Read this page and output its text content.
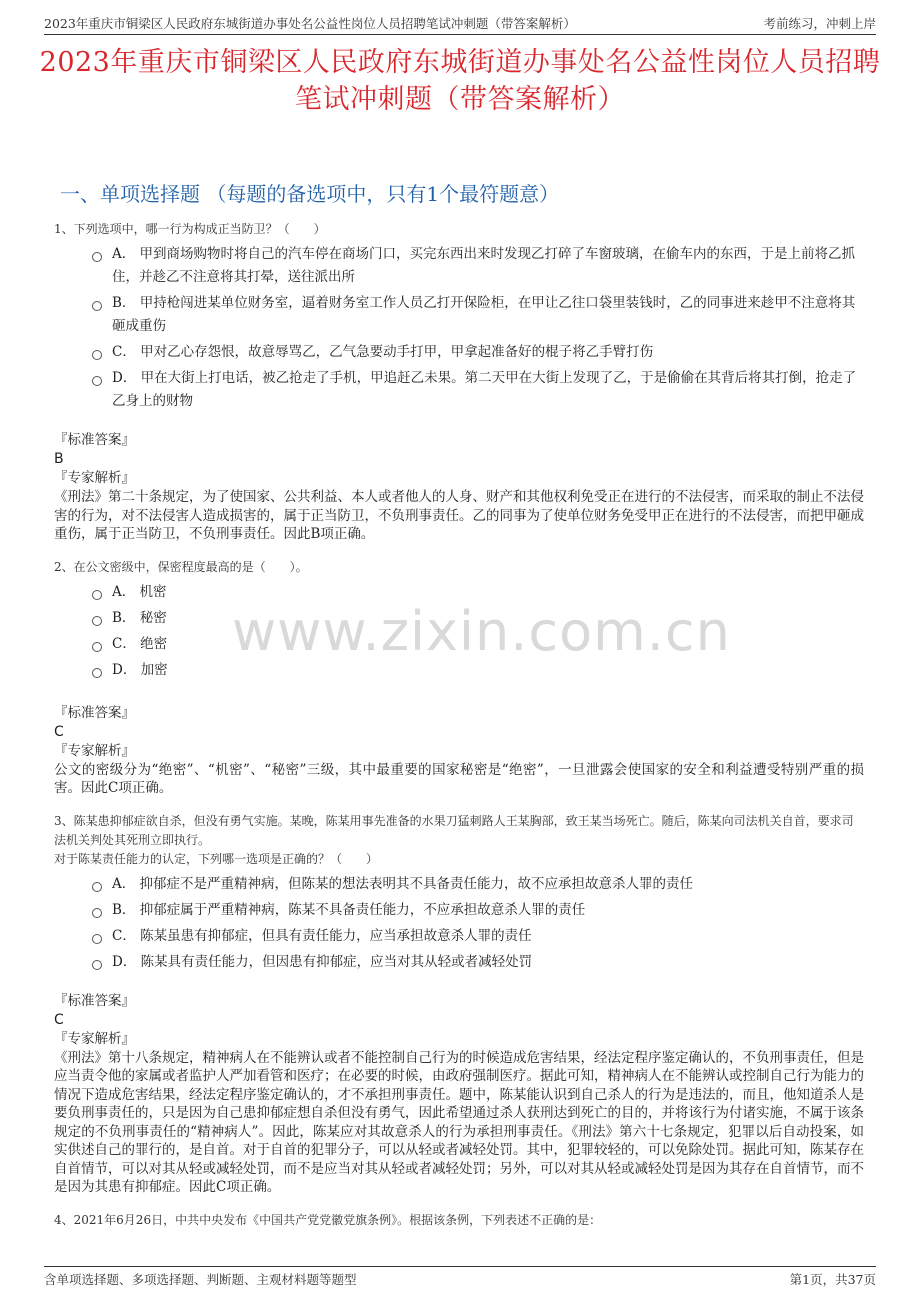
2023年重庆市铜梁区人民政府东城街道办事处名公益性岗位人员招聘笔试冲刺题（带答案解析）	考前练习，冲刺上岸
2023年重庆市铜梁区人民政府东城街道办事处名公益性岗位人员招聘笔试冲刺题（带答案解析）
一、单项选择题 （每题的备选项中，只有1个最符题意）
www.zixin.com.cn
1、下列选项中，哪一行为构成正当防卫？（　　）
A． 甲到商场购物时将自己的汽车停在商场门口，买完东西出来时发现乙打碎了车窗玻璃，在偷车内的东西，于是上前将乙抓住，并趁乙不注意将其打晕，送往派出所
B． 甲持枪闯进某单位财务室，逼着财务室工作人员乙打开保险柜，在甲让乙往口袋里装钱时，乙的同事进来趁甲不注意将其砸成重伤
C． 甲对乙心存怨恨，故意辱骂乙，乙气急要动手打甲，甲拿起准备好的棍子将乙手臂打伤
D． 甲在大街上打电话，被乙抢走了手机，甲追赶乙未果。第二天甲在大街上发现了乙，于是偷偷在其背后将其打倒，抢走了乙身上的财物
『标准答案』
B
『专家解析』
《刑法》第二十条规定，为了使国家、公共利益、本人或者他人的人身、财产和其他权利免受正在进行的不法侵害，而采取的制止不法侵害的行为，对不法侵害人造成损害的，属于正当防卫，不负刑事责任。乙的同事为了使单位财务免受甲正在进行的不法侵害，而把甲砸成重伤，属于正当防卫，不负刑事责任。因此B项正确。
2、在公文密级中，保密程度最高的是（　　）。
A． 机密
B． 秘密
C． 绝密
D． 加密
『标准答案』
C
『专家解析』
公文的密级分为“绝密”、“机密”、“秘密”三级，其中最重要的国家秘密是“绝密”，一旦泄露会使国家的安全和利益遭受特别严重的损害。因此C项正确。
3、陈某患抑郁症欲自杀，但没有勇气实施。某晚，陈某用事先准备的水果刀猛刺路人王某胸部，致王某当场死亡。随后，陈某向司法机关自首，要求司法机关判处其死刑立即执行。
对于陈某责任能力的认定，下列哪一选项是正确的？（　　）
A． 抑郁症不是严重精神病，但陈某的想法表明其不具备责任能力，故不应承担故意杀人罪的责任
B． 抑郁症属于严重精神病，陈某不具备责任能力，不应承担故意杀人罪的责任
C． 陈某虽患有抑郁症，但具有责任能力，应当承担故意杀人罪的责任
D． 陈某具有责任能力，但因患有抑郁症，应当对其从轻或者减轻处罚
『标准答案』
C
『专家解析』
《刑法》第十八条规定，精神病人在不能辨认或者不能控制自己行为的时候造成危害结果，经法定程序鉴定确认的，不负刑事责任，但是应当责令他的家属或者监护人严加看管和医疗；在必要的时候，由政府强制医疗。据此可知，精神病人在不能辨认或控制自己行为能力的情况下造成危害结果，经法定程序鉴定确认的，才不承担刑事责任。题中，陈某能认识到自己杀人的行为是违法的，而且，他知道杀人是要负刑事责任的，只是因为自己患抑郁症想自杀但没有勇气，因此希望通过杀人获刑达到死亡的目的，并将该行为付诸实施，不属于该条规定的不负刑事责任的“精神病人”。因此，陈某应对其故意杀人的行为承担刑事责任。《刑法》第六十七条规定，犯罪以后自动投案，如实供述自己的罪行的，是自首。对于自首的犯罪分子，可以从轻或者减轻处罚。其中，犯罪较轻的，可以免除处罚。据此可知，陈某存在自首情节，可以对其从轻或减轻处罚，而不是应当对其从轻或者减轻处罚；另外，可以对其从轻或减轻处罚是因为其存在自首情节，而不是因为其患有抑郁症。因此C项正确。
4、2021年6月26日，中共中央发布《中国共产党党徽党旗条例》。根据该条例，下列表述不正确的是：
含单项选择题、多项选择题、判断题、主观材料题等题型	第1页，共37页
